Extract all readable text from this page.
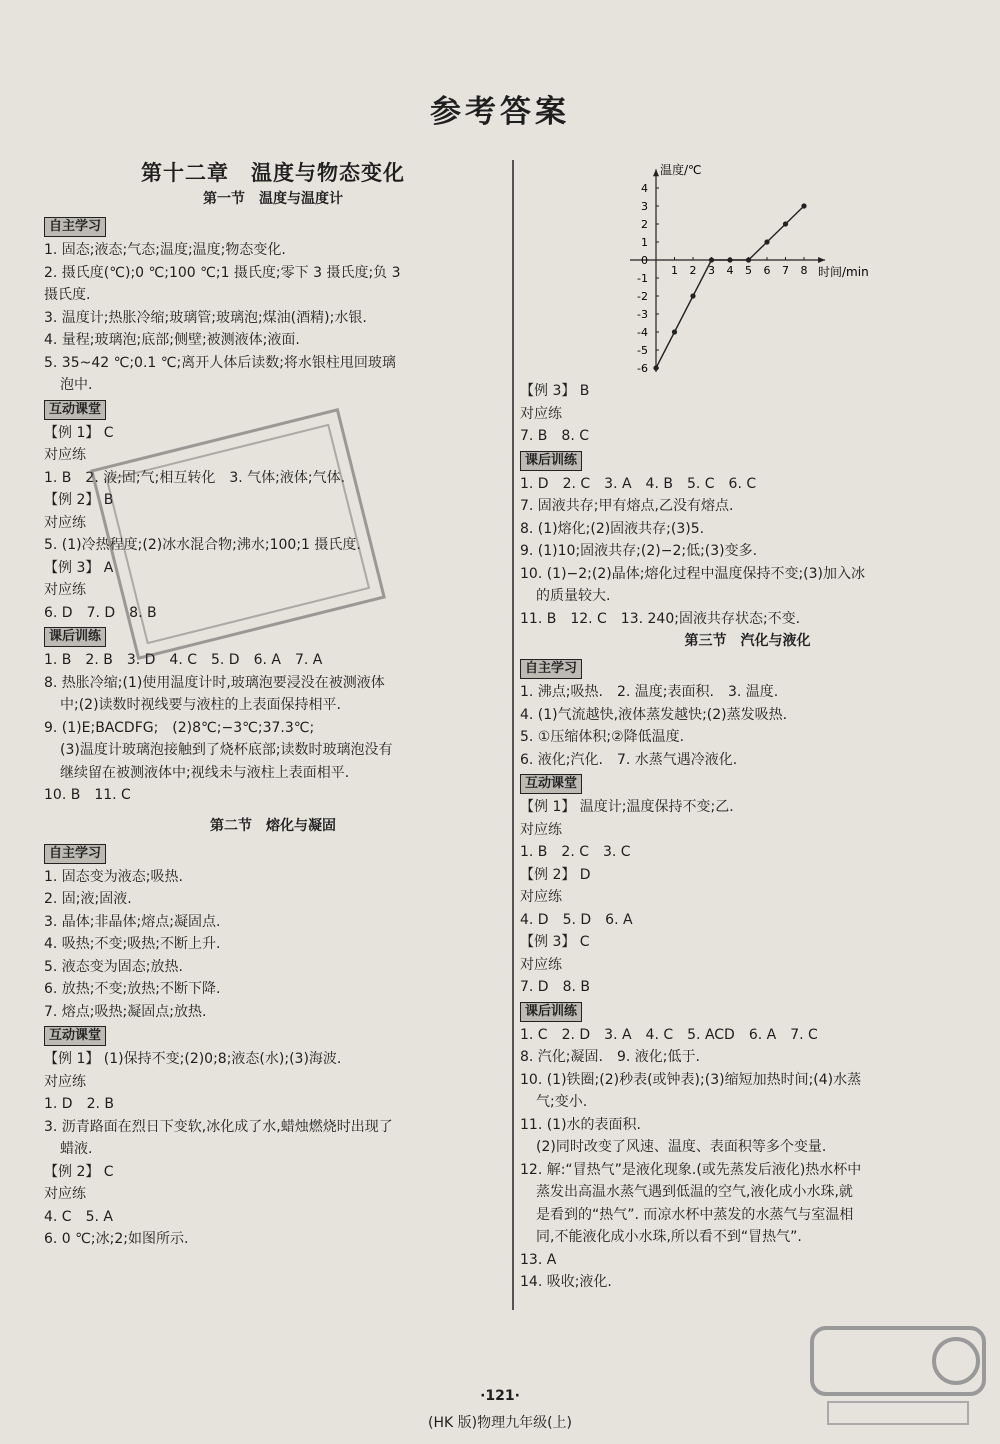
参考答案
第十二章　温度与物态变化
第一节　温度与温度计
自主学习

1. 固态;液态;气态;温度;温度;物态变化.

2. 摄氏度(℃);0 ℃;100 ℃;1 摄氏度;零下 3 摄氏度;负 3

摄氏度.

3. 温度计;热胀冷缩;玻璃管;玻璃泡;煤油(酒精);水银.

4. 量程;玻璃泡;底部;侧壁;被测液体;液面.

5. 35~42 ℃;0.1 ℃;离开人体后读数;将水银柱甩回玻璃

泡中.

互动课堂

【例 1】 C

对应练

1. B　2. 液;固;气;相互转化　3. 气体;液体;气体.

【例 2】 B

对应练

5. (1)冷热程度;(2)冰水混合物;沸水;100;1 摄氏度.

【例 3】 A

对应练

6. D　7. D　8. B

课后训练

1. B　2. B　3. D　4. C　5. D　6. A　7. A

8. 热胀冷缩;(1)使用温度计时,玻璃泡要浸没在被测液体

中;(2)读数时视线要与液柱的上表面保持相平.

9. (1)E;BACDFG;　(2)8℃;−3℃;37.3℃;

(3)温度计玻璃泡接触到了烧杯底部;读数时玻璃泡没有

继续留在被测液体中;视线未与液柱上表面相平.

10. B　11. C

第二节　熔化与凝固
自主学习

1. 固态变为液态;吸热.

2. 固;液;固液.

3. 晶体;非晶体;熔点;凝固点.

4. 吸热;不变;吸热;不断上升.

5. 液态变为固态;放热.

6. 放热;不变;放热;不断下降.

7. 熔点;吸热;凝固点;放热.

互动课堂

【例 1】 (1)保持不变;(2)0;8;液态(水);(3)海波.

对应练

1. D　2. B

3. 沥青路面在烈日下变软,冰化成了水,蜡烛燃烧时出现了

蜡液.

【例 2】 C

对应练

4. C　5. A

6. 0 ℃;冰;2;如图所示.

温度/℃
时间/min
1 2 3 4 5 6 7 8
4
3
2
1
0
-1
-2
-3
-4
-5
-6

【例 3】 B

对应练

7. B　8. C

课后训练

1. D　2. C　3. A　4. B　5. C　6. C

7. 固液共存;甲有熔点,乙没有熔点.

8. (1)熔化;(2)固液共存;(3)5.

9. (1)10;固液共存;(2)−2;低;(3)变多.

10. (1)−2;(2)晶体;熔化过程中温度保持不变;(3)加入冰

的质量较大.

11. B　12. C　13. 240;固液共存状态;不变.

第三节　汽化与液化
自主学习

1. 沸点;吸热.　2. 温度;表面积.　3. 温度.

4. (1)气流越快,液体蒸发越快;(2)蒸发吸热.

5. ①压缩体积;②降低温度.

6. 液化;汽化.　7. 水蒸气遇冷液化.

互动课堂

【例 1】 温度计;温度保持不变;乙.

对应练

1. B　2. C　3. C

【例 2】 D

对应练

4. D　5. D　6. A

【例 3】 C

对应练

7. D　8. B

课后训练

1. C　2. D　3. A　4. C　5. ACD　6. A　7. C

8. 汽化;凝固.　9. 液化;低于.

10. (1)铁圈;(2)秒表(或钟表);(3)缩短加热时间;(4)水蒸

气;变小.

11. (1)水的表面积.

(2)同时改变了风速、温度、表面积等多个变量.

12. 解:“冒热气”是液化现象.(或先蒸发后液化)热水杯中

蒸发出高温水蒸气遇到低温的空气,液化成小水珠,就

是看到的“热气”. 而凉水杯中蒸发的水蒸气与室温相

同,不能液化成小水珠,所以看不到“冒热气”.

13. A

14. 吸收;液化.

·121·
(HK 版)物理九年级(上)
